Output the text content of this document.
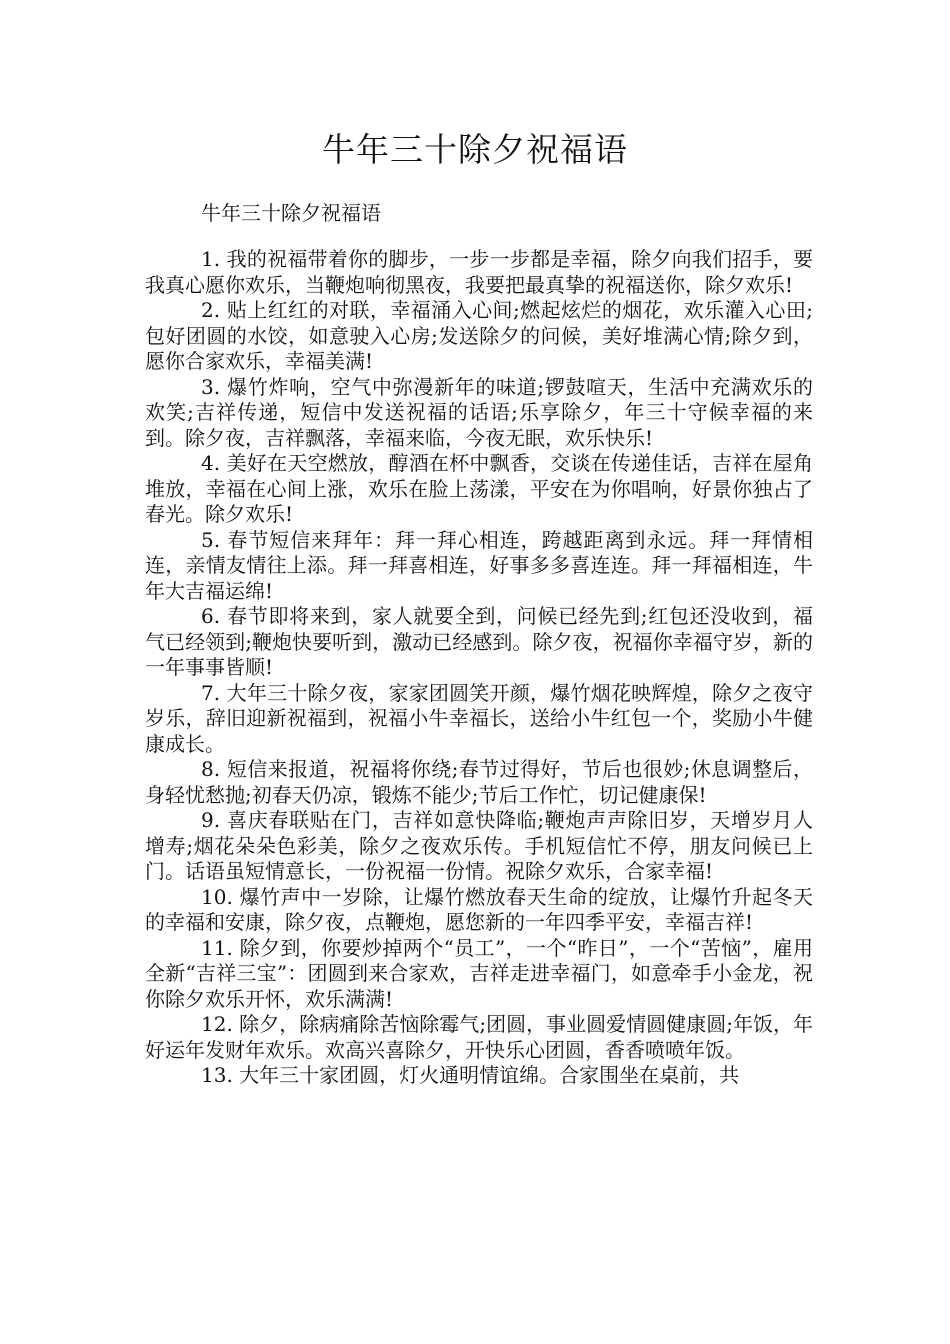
牛年三十除夕祝福语

牛年三十除夕祝福语

1. 我的祝福带着你的脚步，一步一步都是幸福，除夕向我们招手，要我真心愿你欢乐，当鞭炮响彻黑夜，我要把最真挚的祝福送你，除夕欢乐!

2. 贴上红红的对联，幸福涌入心间;燃起炫烂的烟花，欢乐灌入心田;包好团圆的水饺，如意驶入心房;发送除夕的问候，美好堆满心情;除夕到，愿你合家欢乐，幸福美满!

3. 爆竹炸响，空气中弥漫新年的味道;锣鼓喧天，生活中充满欢乐的欢笑;吉祥传递，短信中发送祝福的话语;乐享除夕，年三十守候幸福的来到。除夕夜，吉祥飘落，幸福来临，今夜无眠，欢乐快乐!

4. 美好在天空燃放，醇酒在杯中飘香，交谈在传递佳话，吉祥在屋角堆放，幸福在心间上涨，欢乐在脸上荡漾，平安在为你唱响，好景你独占了春光。除夕欢乐!

5. 春节短信来拜年：拜一拜心相连，跨越距离到永远。拜一拜情相连，亲情友情往上添。拜一拜喜相连，好事多多喜连连。拜一拜福相连，牛年大吉福运绵!

6. 春节即将来到，家人就要全到，问候已经先到;红包还没收到，福气已经领到;鞭炮快要听到，激动已经感到。除夕夜，祝福你幸福守岁，新的一年事事皆顺!

7. 大年三十除夕夜，家家团圆笑开颜，爆竹烟花映辉煌，除夕之夜守岁乐，辞旧迎新祝福到，祝福小牛幸福长，送给小牛红包一个，奖励小牛健康成长。

8. 短信来报道，祝福将你绕;春节过得好，节后也很妙;休息调整后，身轻忧愁抛;初春天仍凉，锻炼不能少;节后工作忙，切记健康保!

9. 喜庆春联贴在门，吉祥如意快降临;鞭炮声声除旧岁，天增岁月人增寿;烟花朵朵色彩美，除夕之夜欢乐传。手机短信忙不停，朋友问候已上门。话语虽短情意长，一份祝福一份情。祝除夕欢乐，合家幸福!

10. 爆竹声中一岁除，让爆竹燃放春天生命的绽放，让爆竹升起冬天的幸福和安康，除夕夜，点鞭炮，愿您新的一年四季平安，幸福吉祥!

11. 除夕到，你要炒掉两个“员工”，一个“昨日”，一个“苦恼”，雇用全新“吉祥三宝”：团圆到来合家欢，吉祥走进幸福门，如意牵手小金龙，祝你除夕欢乐开怀，欢乐满满!

12. 除夕，除病痛除苦恼除霉气;团圆，事业圆爱情圆健康圆;年饭，年好运年发财年欢乐。欢高兴喜除夕，开快乐心团圆，香香喷喷年饭。

13. 大年三十家团圆，灯火通明情谊绵。合家围坐在桌前，共
